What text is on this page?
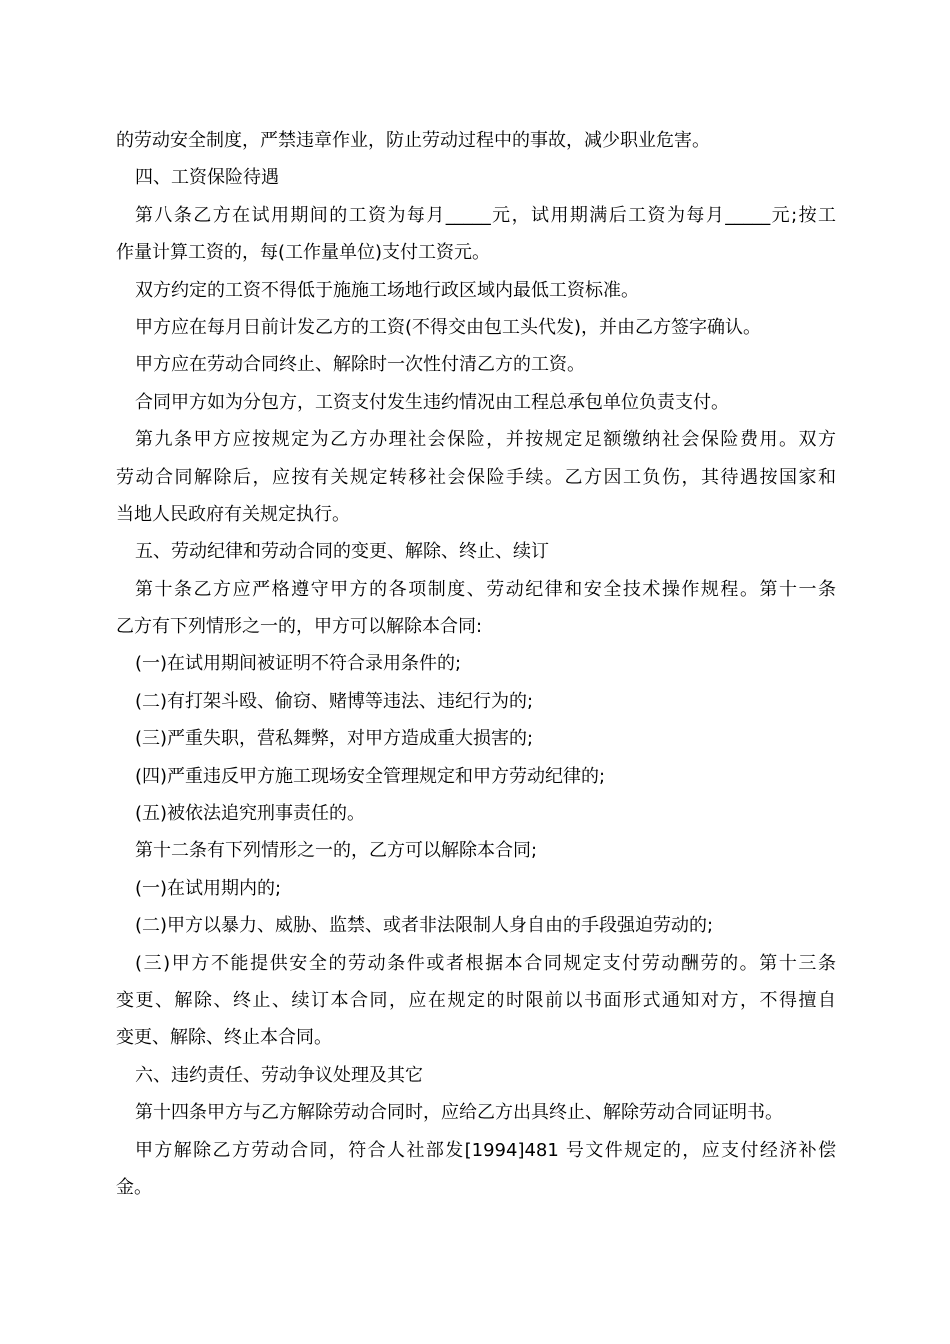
的劳动安全制度，严禁违章作业，防止劳动过程中的事故，减少职业危害。
四、工资保险待遇
第八条乙方在试用期间的工资为每月_____元，试用期满后工资为每月_____元;按工
作量计算工资的，每(工作量单位)支付工资元。
双方约定的工资不得低于施施工场地行政区域内最低工资标准。
甲方应在每月日前计发乙方的工资(不得交由包工头代发)，并由乙方签字确认。
甲方应在劳动合同终止、解除时一次性付清乙方的工资。
合同甲方如为分包方，工资支付发生违约情况由工程总承包单位负责支付。
第九条甲方应按规定为乙方办理社会保险，并按规定足额缴纳社会保险费用。双方
劳动合同解除后，应按有关规定转移社会保险手续。乙方因工负伤，其待遇按国家和
当地人民政府有关规定执行。
五、劳动纪律和劳动合同的变更、解除、终止、续订
第十条乙方应严格遵守甲方的各项制度、劳动纪律和安全技术操作规程。第十一条
乙方有下列情形之一的，甲方可以解除本合同:
(一)在试用期间被证明不符合录用条件的;
(二)有打架斗殴、偷窃、赌博等违法、违纪行为的;
(三)严重失职，营私舞弊，对甲方造成重大损害的;
(四)严重违反甲方施工现场安全管理规定和甲方劳动纪律的;
(五)被依法追究刑事责任的。
第十二条有下列情形之一的，乙方可以解除本合同;
(一)在试用期内的;
(二)甲方以暴力、威胁、监禁、或者非法限制人身自由的手段强迫劳动的;
(三)甲方不能提供安全的劳动条件或者根据本合同规定支付劳动酬劳的。第十三条
变更、解除、终止、续订本合同，应在规定的时限前以书面形式通知对方，不得擅自
变更、解除、终止本合同。
六、违约责任、劳动争议处理及其它
第十四条甲方与乙方解除劳动合同时，应给乙方出具终止、解除劳动合同证明书。
甲方解除乙方劳动合同，符合人社部发[1994]481 号文件规定的，应支付经济补偿
金。
